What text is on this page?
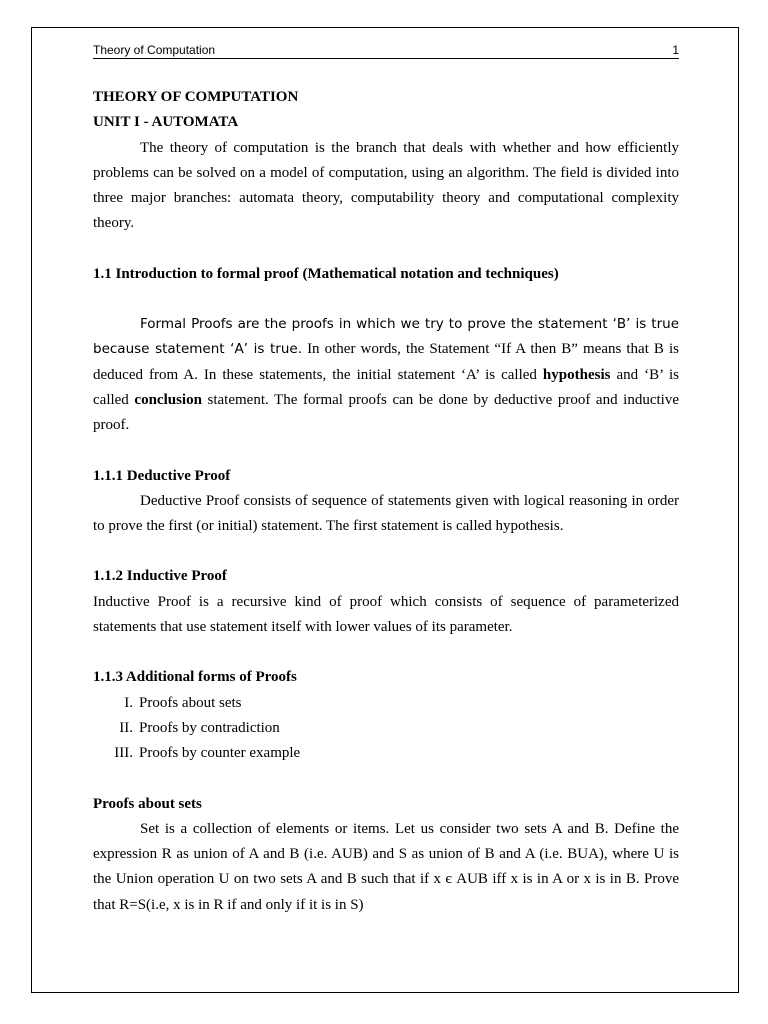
Theory of Computation	1

THEORY OF COMPUTATION

UNIT I - AUTOMATA

The theory of computation is the branch that deals with whether and how efficiently problems can be solved on a model of computation, using an algorithm. The field is divided into three major branches: automata theory, computability theory and computational complexity theory.

1.1 Introduction to formal proof (Mathematical notation and techniques)

Formal Proofs are the proofs in which we try to prove the statement ‘B’ is true because statement ‘A’ is true. In other words, the Statement “If A then B” means that B is deduced from A. In these statements, the initial statement ‘A’ is called hypothesis and ‘B’ is called conclusion statement. The formal proofs can be done by deductive proof and inductive proof.

1.1.1 Deductive Proof

Deductive Proof consists of sequence of statements given with logical reasoning in order to prove the first (or initial) statement. The first statement is called hypothesis.

1.1.2 Inductive Proof

Inductive Proof is a recursive kind of proof which consists of sequence of parameterized statements that use statement itself with lower values of its parameter.

1.1.3 Additional forms of Proofs

I. Proofs about sets
II. Proofs by contradiction
III. Proofs by counter example

Proofs about sets

Set is a collection of elements or items. Let us consider two sets A and B. Define the expression R as union of A and B (i.e. AUB) and S as union of B and A (i.e. BUA), where U is the Union operation U on two sets A and B such that if x є AUB iff x is in A or x is in B. Prove that R=S(i.e, x is in R if and only if it is in S)
